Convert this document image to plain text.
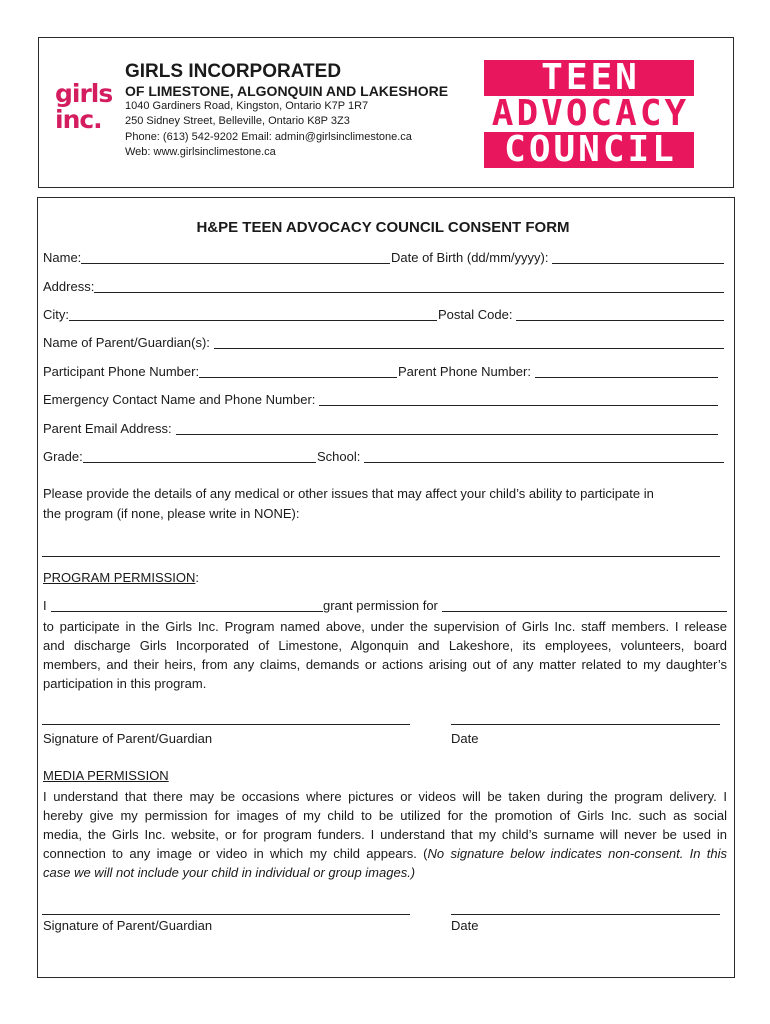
girls
inc.
GIRLS INCORPORATED
OF LIMESTONE, ALGONQUIN AND LAKESHORE
1040 Gardiners Road, Kingston, Ontario K7P 1R7
250 Sidney Street, Belleville, Ontario K8P 3Z3
Phone: (613) 542-9202 Email: admin@girlsinclimestone.ca
Web: www.girlsinclimestone.ca
TEEN
ADVOCACY
COUNCIL
H&PE TEEN ADVOCACY COUNCIL CONSENT FORM
Name:	Date of Birth (dd/mm/yyyy):
Address:
City:	Postal Code:
Name of Parent/Guardian(s):
Participant Phone Number:	Parent Phone Number:
Emergency Contact Name and Phone Number:
Parent Email Address:
Grade:	School:
Please provide the details of any medical or other issues that may affect your child’s ability to participate in
the program (if none, please write in NONE):
PROGRAM PERMISSION:
I	grant permission for
to participate in the Girls Inc. Program named above, under the supervision of Girls Inc. staff members. I release
and discharge Girls Incorporated of Limestone, Algonquin and Lakeshore, its employees, volunteers, board
members, and their heirs, from any claims, demands or actions arising out of any matter related to my daughter’s
participation in this program.
Signature of Parent/Guardian	Date
MEDIA PERMISSION
I understand that there may be occasions where pictures or videos will be taken during the program delivery. I
hereby give my permission for images of my child to be utilized for the promotion of Girls Inc. such as social
media, the Girls Inc. website, or for program funders. I understand that my child’s surname will never be used in
connection to any image or video in which my child appears. (No signature below indicates non-consent. In this
case we will not include your child in individual or group images.)
Signature of Parent/Guardian	Date
